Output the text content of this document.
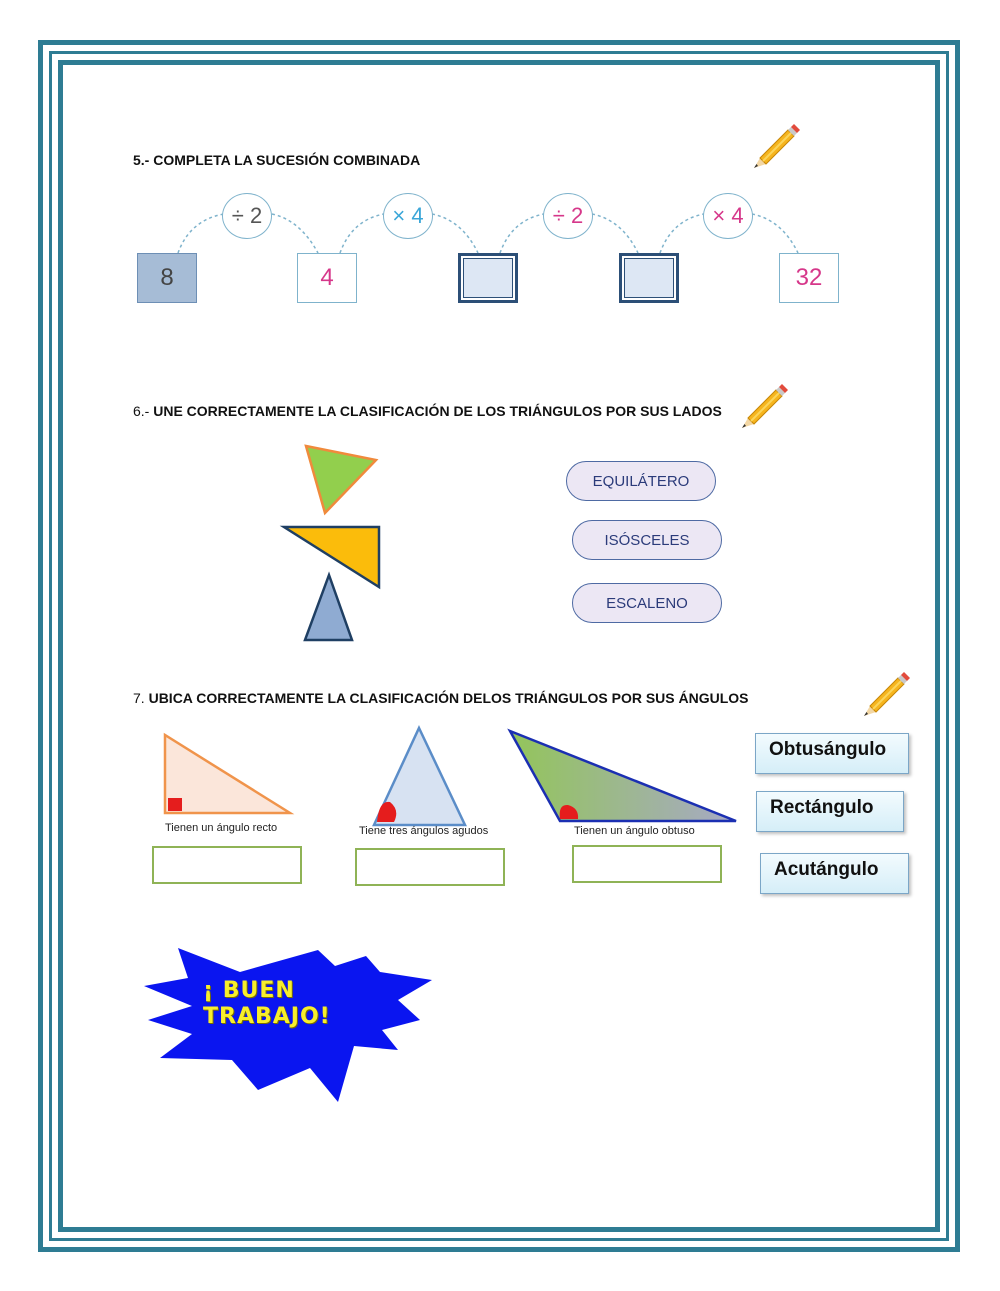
5.- COMPLETA LA SUCESIÓN COMBINADA
8	4	32
÷ 2	× 4	÷ 2	× 4
6.- UNE CORRECTAMENTE LA CLASIFICACIÓN DE LOS TRIÁNGULOS POR SUS LADOS
EQUILÁTERO
ISÓSCELES
ESCALENO
7. UBICA CORRECTAMENTE LA CLASIFICACIÓN DELOS TRIÁNGULOS POR SUS ÁNGULOS
Tienen un ángulo recto	Tiene tres ángulos agudos	Tienen un ángulo obtuso
Obtusángulo
Rectángulo
Acutángulo
¡ BUEN
TRABAJO!
